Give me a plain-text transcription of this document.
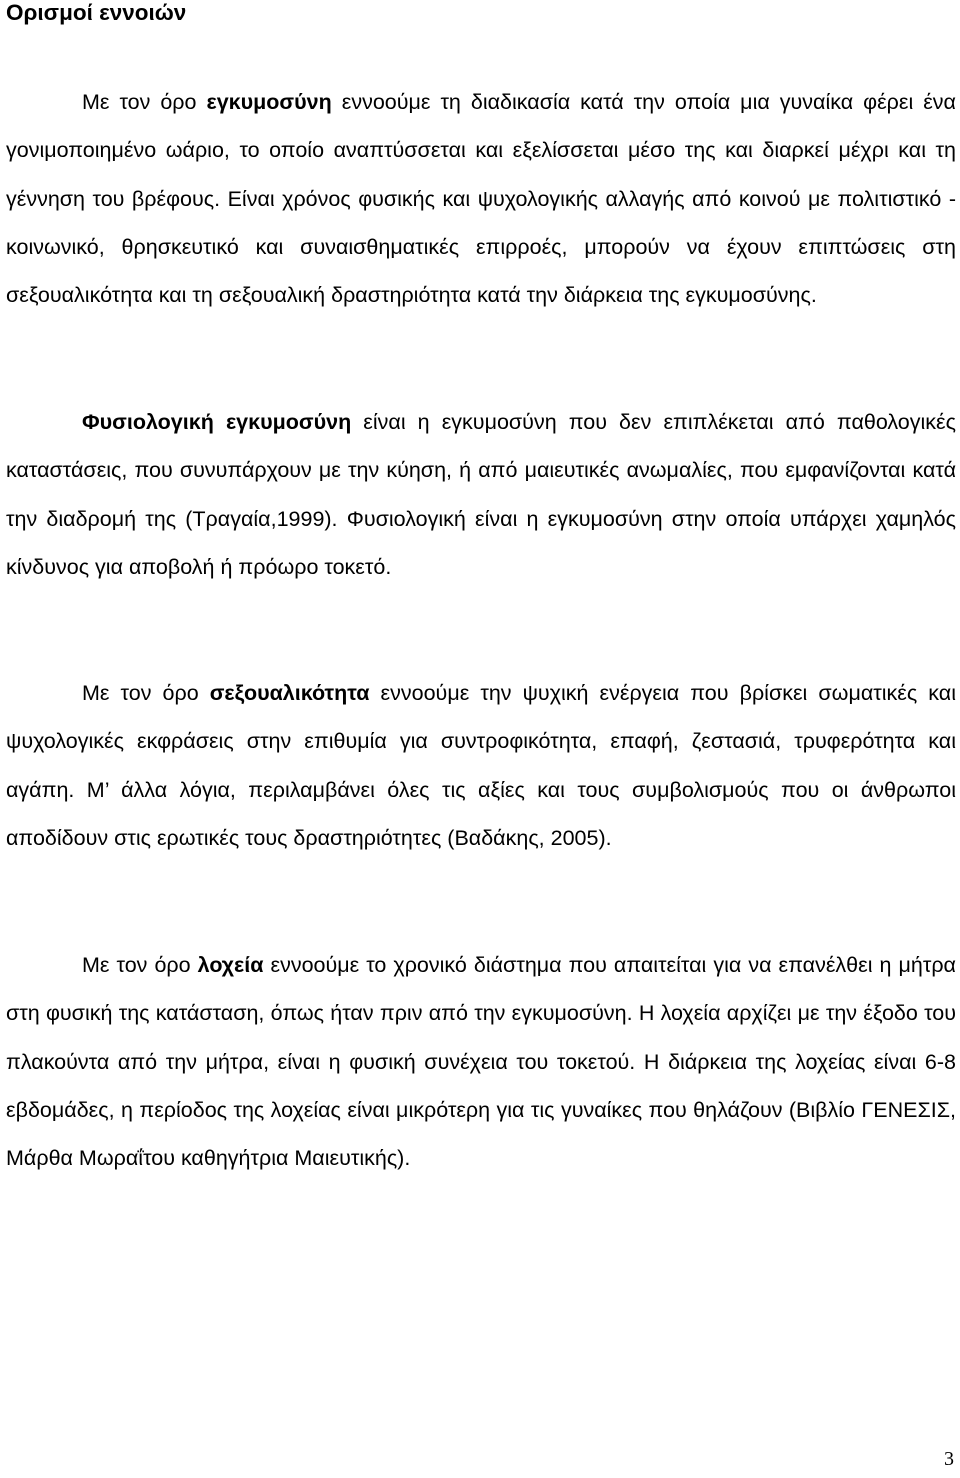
Ορισμοί εννοιών

Με τον όρο εγκυμοσύνη εννοούμε τη διαδικασία κατά την οποία μια γυναίκα φέρει ένα γονιμοποιημένο ωάριο, το οποίο αναπτύσσεται και εξελίσσεται μέσο της και διαρκεί μέχρι και τη γέννηση του βρέφους. Είναι χρόνος φυσικής και ψυχολογικής αλλαγής από κοινού με πολιτιστικό - κοινωνικό, θρησκευτικό και συναισθηματικές επιρροές, μπορούν να έχουν επιπτώσεις στη σεξουαλικότητα και τη σεξουαλική δραστηριότητα κατά την διάρκεια της εγκυμοσύνης.

Φυσιολογική εγκυμοσύνη είναι η εγκυμοσύνη που δεν επιπλέκεται από παθολογικές καταστάσεις, που συνυπάρχουν με την κύηση, ή από μαιευτικές ανωμαλίες, που εμφανίζονται κατά την διαδρομή της (Τραγαία,1999). Φυσιολογική είναι η εγκυμοσύνη στην οποία υπάρχει χαμηλός κίνδυνος για αποβολή ή πρόωρο τοκετό.

Με τον όρο σεξουαλικότητα εννοούμε την ψυχική ενέργεια που βρίσκει σωματικές και ψυχολογικές εκφράσεις στην επιθυμία για συντροφικότητα, επαφή, ζεστασιά, τρυφερότητα και αγάπη. Μ’ άλλα λόγια, περιλαμβάνει όλες τις αξίες και τους συμβολισμούς που οι άνθρωποι αποδίδουν στις ερωτικές τους δραστηριότητες (Βαδάκης, 2005).

Με τον όρο λοχεία εννοούμε το χρονικό διάστημα που απαιτείται για να επανέλθει η μήτρα στη φυσική της κατάσταση, όπως ήταν πριν από την εγκυμοσύνη. Η λοχεία αρχίζει με την έξοδο του πλακούντα από την μήτρα, είναι η φυσική συνέχεια του τοκετού. Η διάρκεια της λοχείας είναι 6-8 εβδομάδες, η περίοδος της λοχείας είναι μικρότερη για τις γυναίκες που θηλάζουν (Βιβλίο ΓΕΝΕΣΙΣ, Μάρθα Μωραΐτου καθηγήτρια Μαιευτικής).

3
